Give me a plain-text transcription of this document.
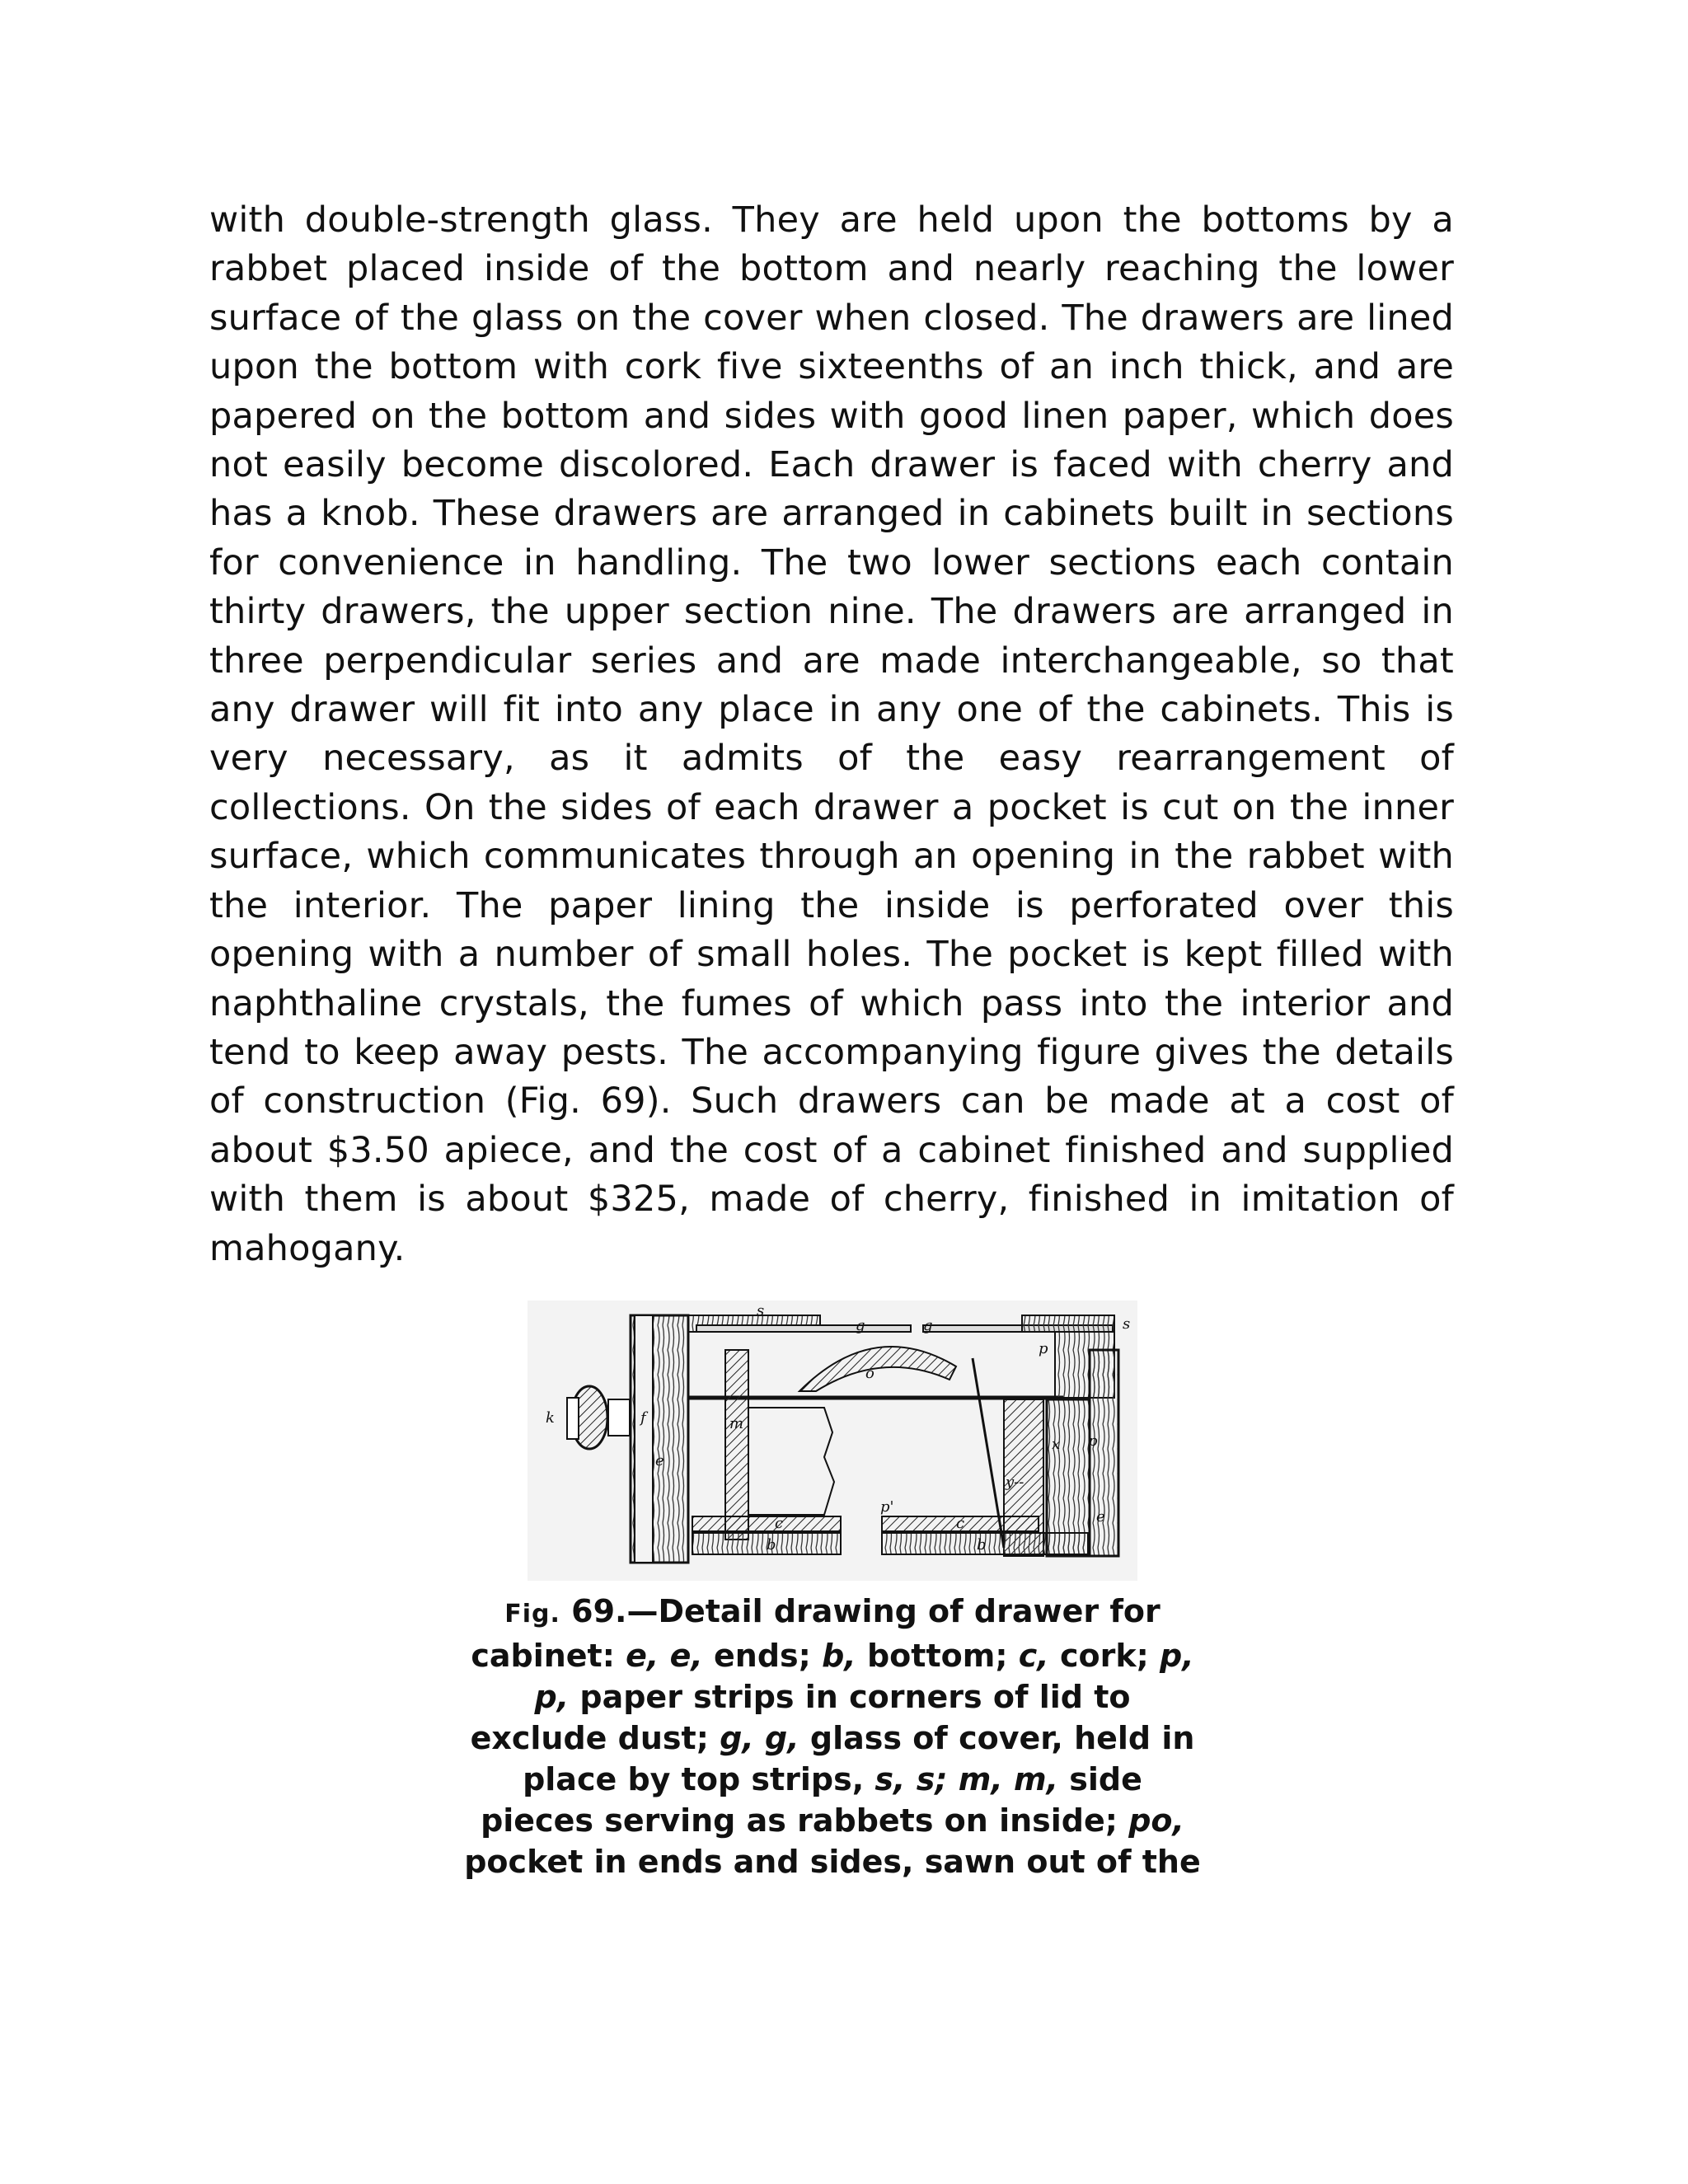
with double-strength glass. They are held upon the bottoms by a rabbet placed inside of the bottom and nearly reaching the lower surface of the glass on the cover when closed. The drawers are lined upon the bottom with cork five sixteenths of an inch thick, and are papered on the bottom and sides with good linen paper, which does not easily become discolored. Each drawer is faced with cherry and has a knob. These drawers are arranged in cabinets built in sections for convenience in handling. The two lower sections each contain thirty drawers, the upper section nine. The drawers are arranged in three perpendicular series and are made interchangeable, so that any drawer will fit into any place in any one of the cabinets. This is very necessary, as it admits of the easy rearrangement of collections. On the sides of each drawer a pocket is cut on the inner surface, which communicates through an opening in the rabbet with the interior. The paper lining the inside is perforated over this opening with a number of small holes. The pocket is kept filled with naphthaline crystals, the fumes of which pass into the interior and tend to keep away pests. The accompanying figure gives the details of construction (Fig. 69). Such drawers can be made at a cost of about $3.50 apiece, and the cost of a cabinet finished and supplied with them is about $325, made of cherry, finished in imitation of mahogany.

s
g	g	s
p
o
k	f	m
e
x p
y--
e
c
p'
c
b	b
Fig. 69.—Detail drawing of drawer for cabinet: e, e, ends; b, bottom; c, cork; p, p, paper strips in corners of lid to exclude dust; g, g, glass of cover, held in place by top strips, s, s; m, m, side pieces serving as rabbets on inside; po, pocket in ends and sides, sawn out of the
